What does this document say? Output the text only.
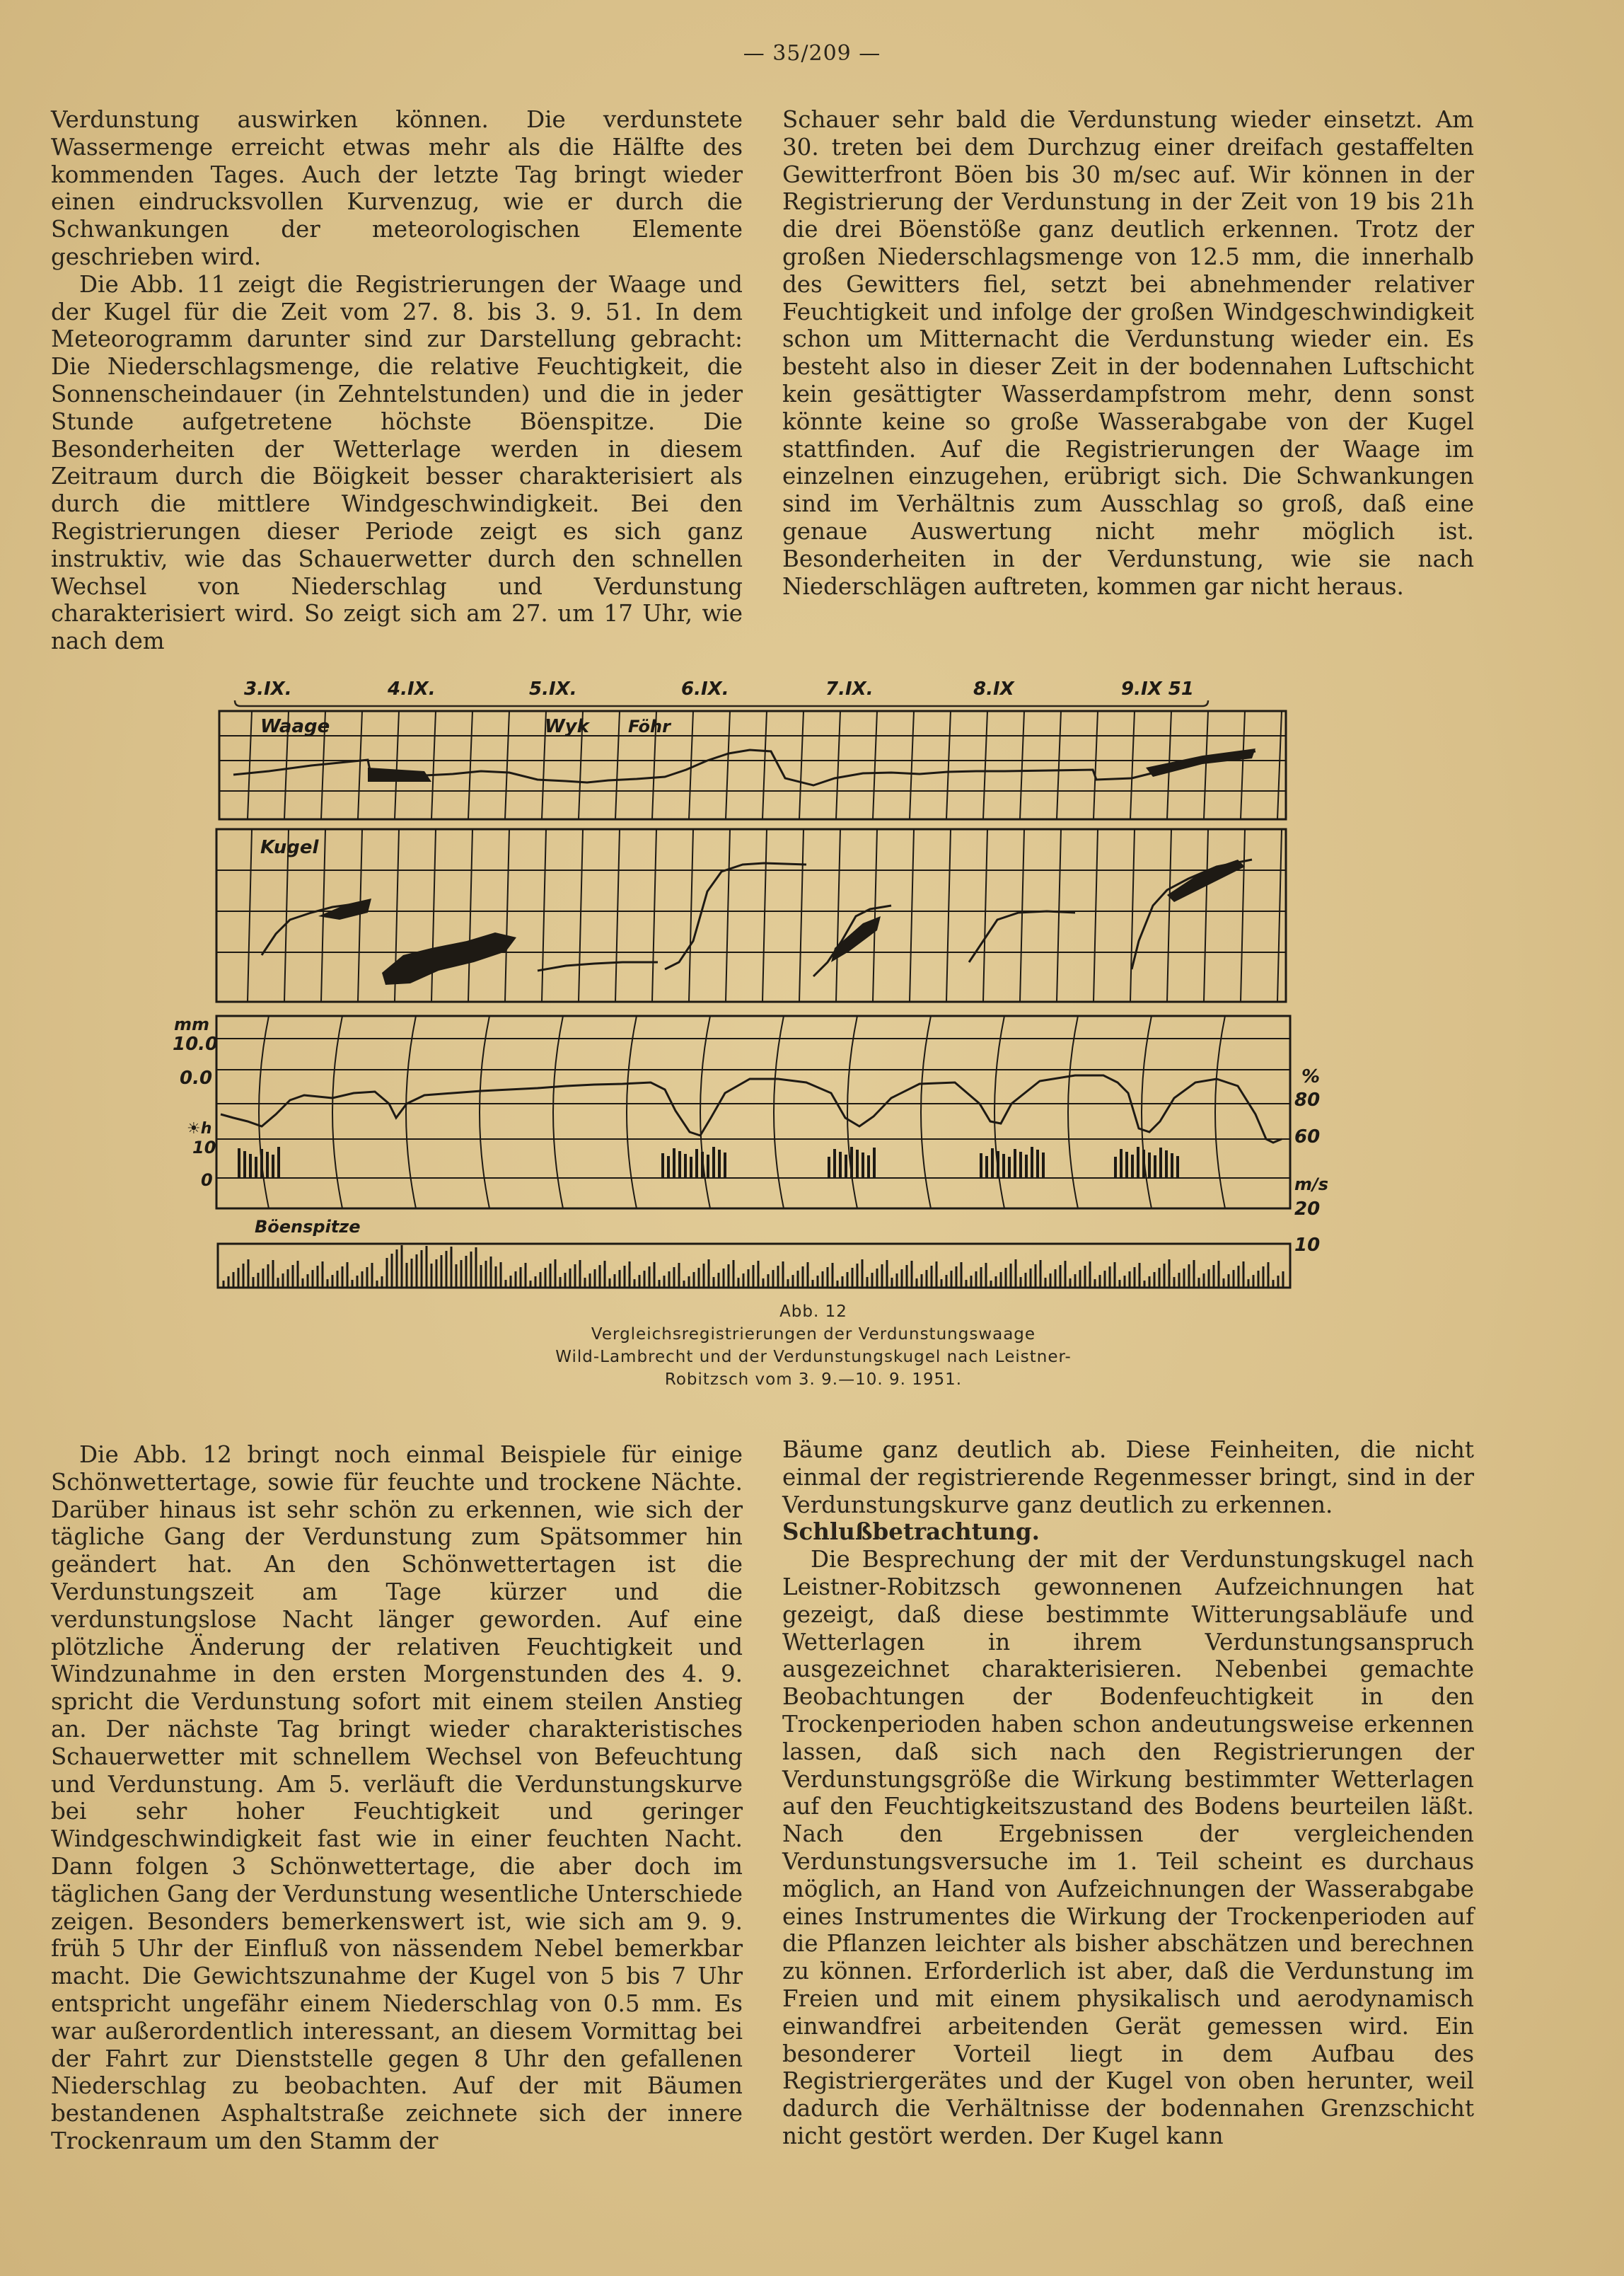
— 35/209 —

Verdunstung auswirken können. Die verdunstete Wassermenge erreicht etwas mehr als die Hälfte des kommenden Tages. Auch der letzte Tag bringt wieder einen eindrucksvollen Kurvenzug, wie er durch die Schwankungen der meteorologischen Elemente geschrieben wird.

Die Abb. 11 zeigt die Registrierungen der Waage und der Kugel für die Zeit vom 27. 8. bis 3. 9. 51. In dem Meteorogramm darunter sind zur Darstellung gebracht: Die Niederschlagsmenge, die relative Feuchtigkeit, die Sonnenscheindauer (in Zehntelstunden) und die in jeder Stunde aufgetretene höchste Böenspitze. Die Besonderheiten der Wetterlage werden in diesem Zeitraum durch die Böigkeit besser charakterisiert als durch die mittlere Windgeschwindigkeit. Bei den Registrierungen dieser Periode zeigt es sich ganz instruktiv, wie das Schauerwetter durch den schnellen Wechsel von Niederschlag und Verdunstung charakterisiert wird. So zeigt sich am 27. um 17 Uhr, wie nach dem

Schauer sehr bald die Verdunstung wieder einsetzt. Am 30. treten bei dem Durchzug einer dreifach gestaffelten Gewitterfront Böen bis 30 m/sec auf. Wir können in der Registrierung der Verdunstung in der Zeit von 19 bis 21h die drei Böenstöße ganz deutlich erkennen. Trotz der großen Niederschlagsmenge von 12.5 mm, die innerhalb des Gewitters fiel, setzt bei abnehmender relativer Feuchtigkeit und infolge der großen Windgeschwindigkeit schon um Mitternacht die Verdunstung wieder ein. Es besteht also in dieser Zeit in der bodennahen Luftschicht kein gesättigter Wasserdampfstrom mehr, denn sonst könnte keine so große Wasserabgabe von der Kugel stattfinden. Auf die Registrierungen der Waage im einzelnen einzugehen, erübrigt sich. Die Schwankungen sind im Verhältnis zum Ausschlag so groß, daß eine genaue Auswertung nicht mehr möglich ist. Besonderheiten in der Verdunstung, wie sie nach Niederschlägen auftreten, kommen gar nicht heraus.

3.IX.	4.IX.	5.IX.	6.IX.	7.IX.	8.IX	9.IX 51
Waage	Wyk Föhr
Kugel
mm
10.0
0.0
☀h
10
0
%
80
60
m/s
20
Böenspitze
10
Abb. 12
Vergleichsregistrierungen der Verdunstungswaage
Wild-Lambrecht und der Verdunstungskugel nach Leistner-
Robitzsch vom 3. 9.—10. 9. 1951.

Die Abb. 12 bringt noch einmal Beispiele für einige Schönwettertage, sowie für feuchte und trockene Nächte. Darüber hinaus ist sehr schön zu erkennen, wie sich der tägliche Gang der Verdunstung zum Spätsommer hin geändert hat. An den Schönwettertagen ist die Verdunstungszeit am Tage kürzer und die verdunstungslose Nacht länger geworden. Auf eine plötzliche Änderung der relativen Feuchtigkeit und Windzunahme in den ersten Morgenstunden des 4. 9. spricht die Verdunstung sofort mit einem steilen Anstieg an. Der nächste Tag bringt wieder charakteristisches Schauerwetter mit schnellem Wechsel von Befeuchtung und Verdunstung. Am 5. verläuft die Verdunstungskurve bei sehr hoher Feuchtigkeit und geringer Windgeschwindigkeit fast wie in einer feuchten Nacht. Dann folgen 3 Schönwettertage, die aber doch im täglichen Gang der Verdunstung wesentliche Unterschiede zeigen. Besonders bemerkenswert ist, wie sich am 9. 9. früh 5 Uhr der Einfluß von nässendem Nebel bemerkbar macht. Die Gewichtszunahme der Kugel von 5 bis 7 Uhr entspricht ungefähr einem Niederschlag von 0.5 mm. Es war außerordentlich interessant, an diesem Vormittag bei der Fahrt zur Dienststelle gegen 8 Uhr den gefallenen Niederschlag zu beobachten. Auf der mit Bäumen bestandenen Asphaltstraße zeichnete sich der innere Trockenraum um den Stamm der

Bäume ganz deutlich ab. Diese Feinheiten, die nicht einmal der registrierende Regenmesser bringt, sind in der Verdunstungskurve ganz deutlich zu erkennen.

Schlußbetrachtung.

Die Besprechung der mit der Verdunstungskugel nach Leistner-Robitzsch gewonnenen Aufzeichnungen hat gezeigt, daß diese bestimmte Witterungsabläufe und Wetterlagen in ihrem Verdunstungsanspruch ausgezeichnet charakterisieren. Nebenbei gemachte Beobachtungen der Bodenfeuchtigkeit in den Trockenperioden haben schon andeutungsweise erkennen lassen, daß sich nach den Registrierungen der Verdunstungsgröße die Wirkung bestimmter Wetterlagen auf den Feuchtigkeitszustand des Bodens beurteilen läßt. Nach den Ergebnissen der vergleichenden Verdunstungsversuche im 1. Teil scheint es durchaus möglich, an Hand von Aufzeichnungen der Wasserabgabe eines Instrumentes die Wirkung der Trockenperioden auf die Pflanzen leichter als bisher abschätzen und berechnen zu können. Erforderlich ist aber, daß die Verdunstung im Freien und mit einem physikalisch und aerodynamisch einwandfrei arbeitenden Gerät gemessen wird. Ein besonderer Vorteil liegt in dem Aufbau des Registriergerätes und der Kugel von oben herunter, weil dadurch die Verhältnisse der bodennahen Grenzschicht nicht gestört werden. Der Kugel kann
